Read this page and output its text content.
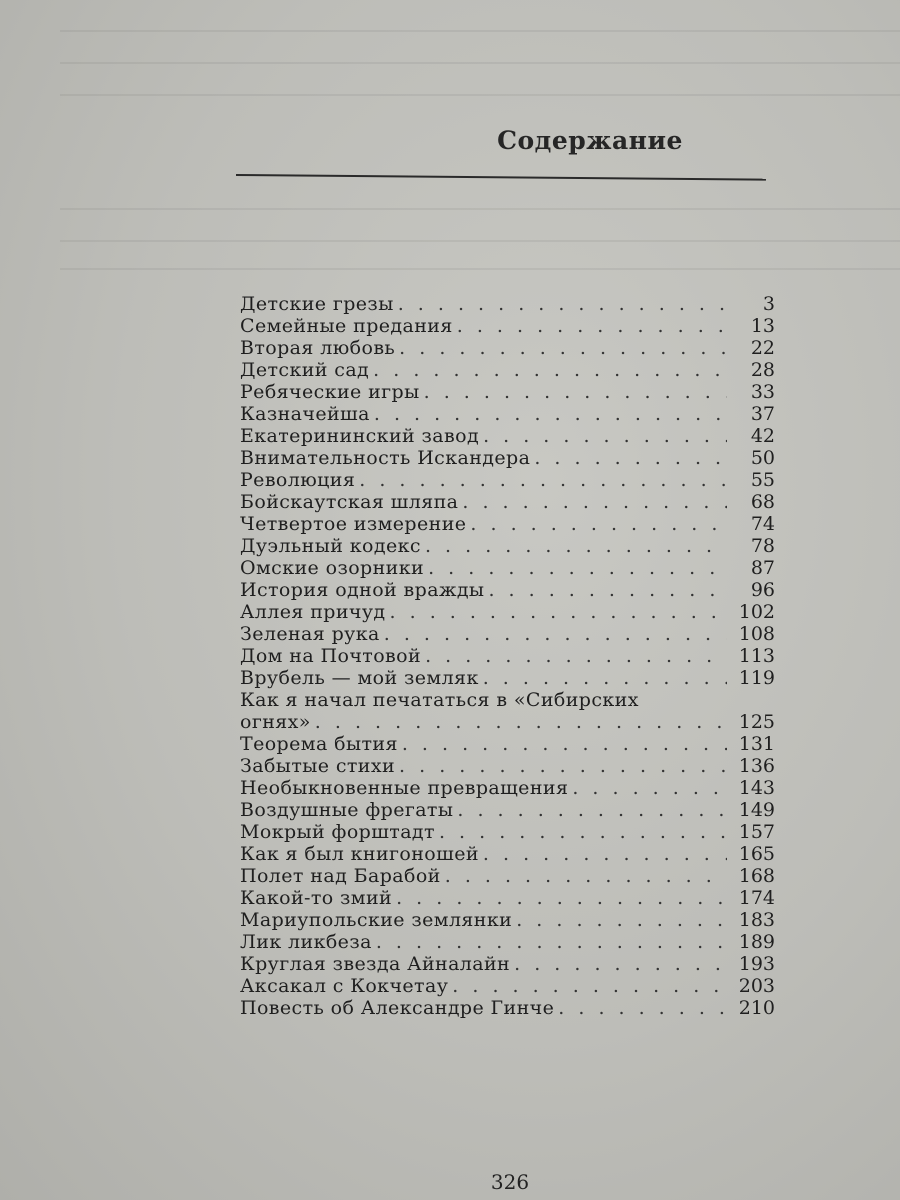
Содержание
Детские грезы . . .	3
Семейные предания . . .	13
Вторая любовь . . .	22
Детский сад . . .	28
Ребяческие игры . . .	33
Казначейша . . .	37
Екатерининский завод . . .	42
Внимательность Искандера . . .	50
Революция . . .	55
Бойскаутская шляпа . . .	68
Четвертое измерение . . .	74
Дуэльный кодекс . . .	78
Омские озорники . . .	87
История одной вражды . . .	96
Аллея причуд . . .	102
Зеленая рука . . .	108
Дом на Почтовой . . .	113
Врубель — мой земляк . . .	119
Как я начал печататься в «Сибирских
огнях» . . .	125
Теорема бытия . . .	131
Забытые стихи . . .	136
Необыкновенные превращения . . .	143
Воздушные фрегаты . . .	149
Мокрый форштадт . . .	157
Как я был книгоношей . . .	165
Полет над Барабой . . .	168
Какой-то змий . . .	174
Мариупольские землянки . . .	183
Лик ликбеза . . .	189
Круглая звезда Айналайн . . .	193
Аксакал с Кокчетау . . .	203
Повесть об Александре Гинче . . .	210
326
